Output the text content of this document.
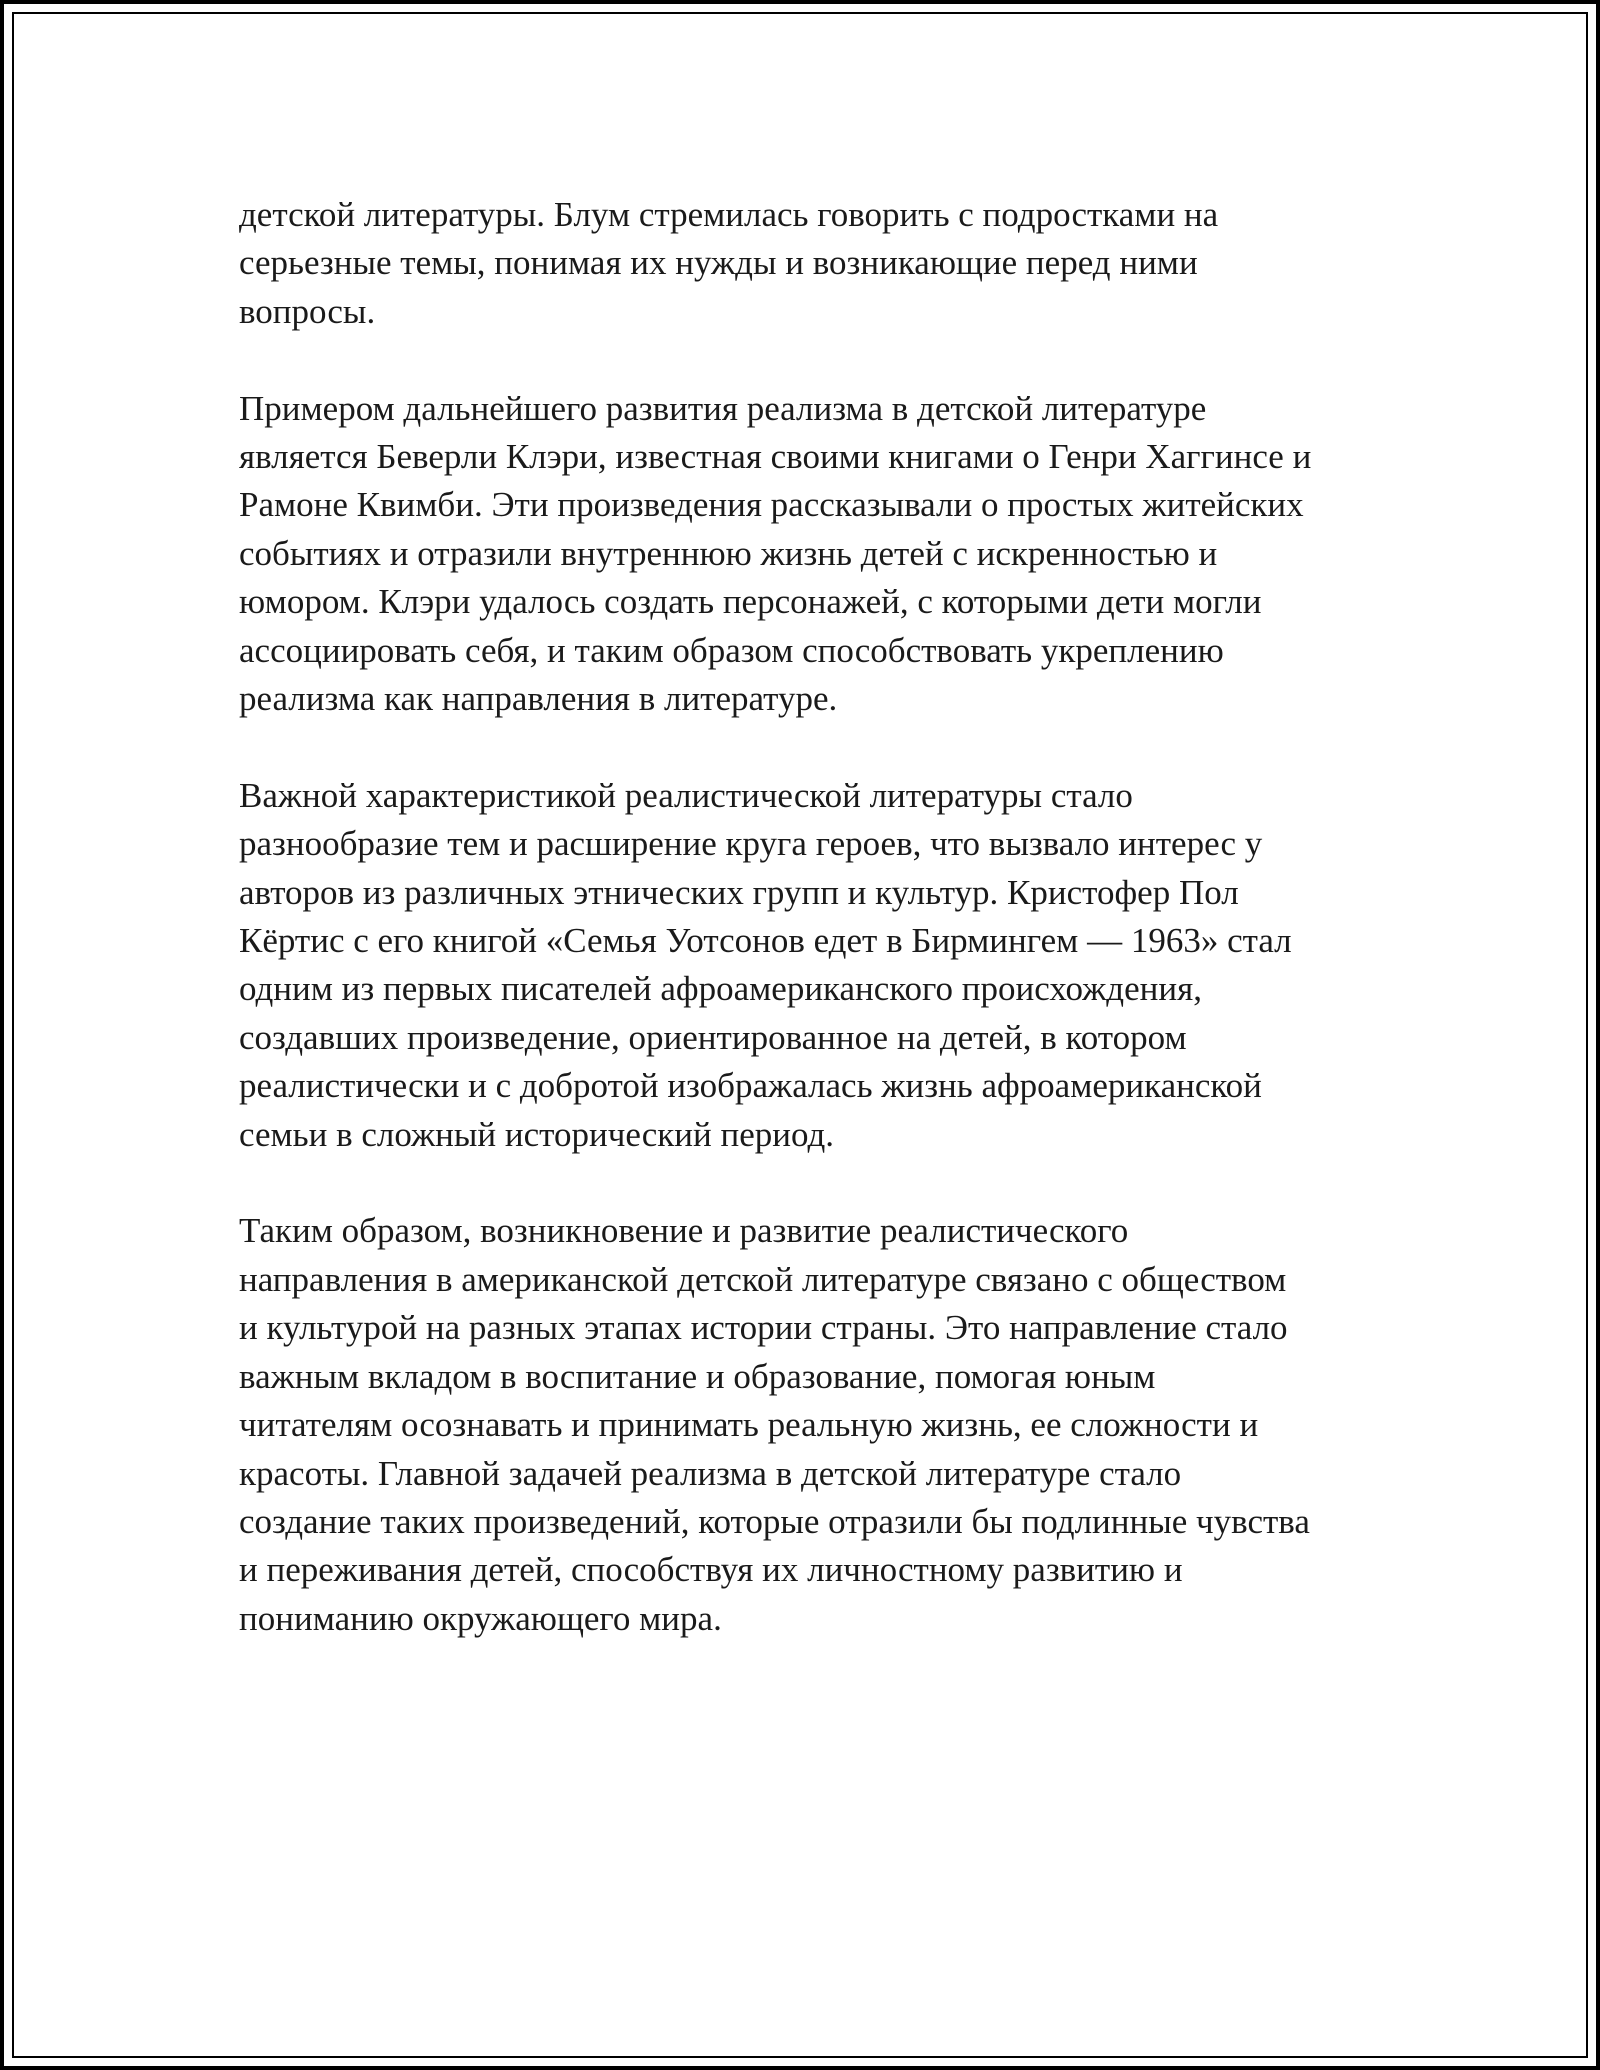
детской литературы. Блум стремилась говорить с подростками на
серьезные темы, понимая их нужды и возникающие перед ними
вопросы.

Примером дальнейшего развития реализма в детской литературе
является Беверли Клэри, известная своими книгами о Генри Хаггинсе и
Рамоне Квимби. Эти произведения рассказывали о простых житейских
событиях и отразили внутреннюю жизнь детей с искренностью и
юмором. Клэри удалось создать персонажей, с которыми дети могли
ассоциировать себя, и таким образом способствовать укреплению
реализма как направления в литературе.

Важной характеристикой реалистической литературы стало
разнообразие тем и расширение круга героев, что вызвало интерес у
авторов из различных этнических групп и культур. Кристофер Пол
Кёртис с его книгой «Семья Уотсонов едет в Бирмингем — 1963» стал
одним из первых писателей афроамериканского происхождения,
создавших произведение, ориентированное на детей, в котором
реалистически и с добротой изображалась жизнь афроамериканской
семьи в сложный исторический период.

Таким образом, возникновение и развитие реалистического
направления в американской детской литературе связано с обществом
и культурой на разных этапах истории страны. Это направление стало
важным вкладом в воспитание и образование, помогая юным
читателям осознавать и принимать реальную жизнь, ее сложности и
красоты. Главной задачей реализма в детской литературе стало
создание таких произведений, которые отразили бы подлинные чувства
и переживания детей, способствуя их личностному развитию и
пониманию окружающего мира.
